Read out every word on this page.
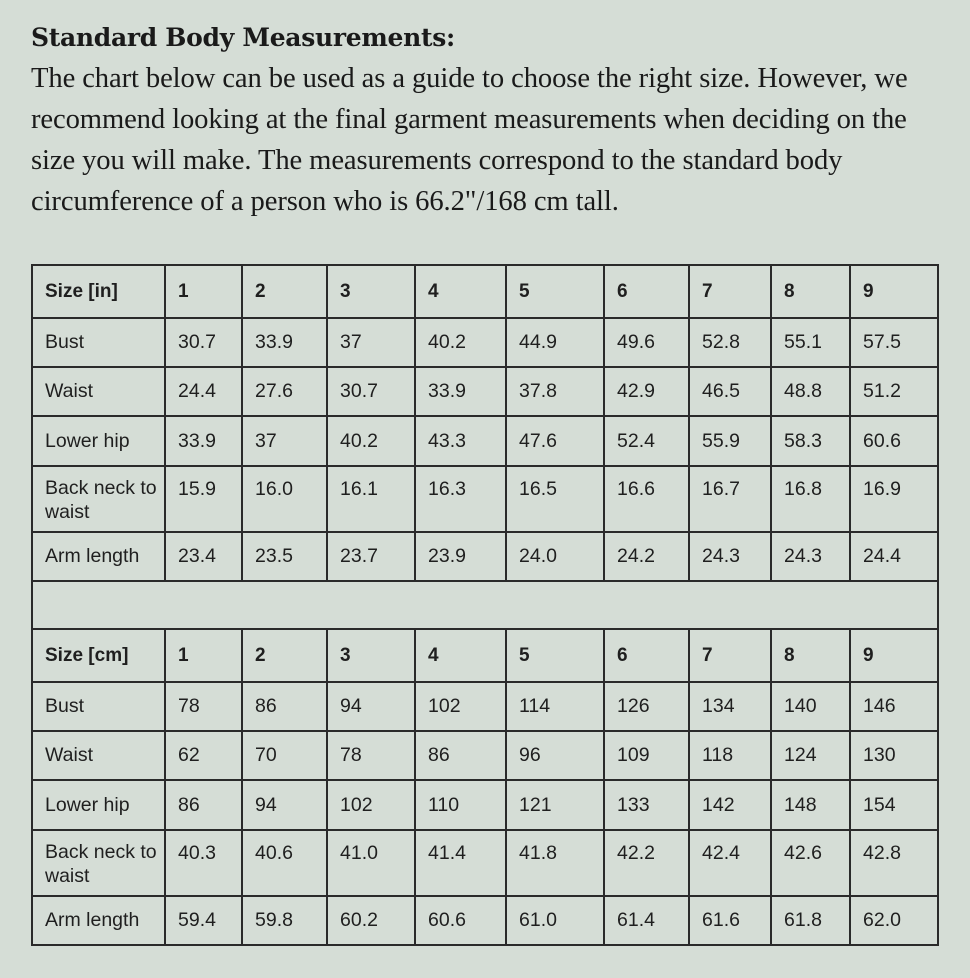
Standard Body Measurements:
The chart below can be used as a guide to choose the right size. However, we recommend looking at the final garment measurements when deciding on the size you will make. The measurements correspond to the standard body circumference of a person who is 66.2"/168 cm tall.
Size [in]	1	2	3	4	5	6	7	8	9
Bust	30.7	33.9	37	40.2	44.9	49.6	52.8	55.1	57.5
Waist	24.4	27.6	30.7	33.9	37.8	42.9	46.5	48.8	51.2
Lower hip	33.9	37	40.2	43.3	47.6	52.4	55.9	58.3	60.6
Back neck to waist	15.9	16.0	16.1	16.3	16.5	16.6	16.7	16.8	16.9
Arm length	23.4	23.5	23.7	23.9	24.0	24.2	24.3	24.3	24.4

Size [cm]	1	2	3	4	5	6	7	8	9
Bust	78	86	94	102	114	126	134	140	146
Waist	62	70	78	86	96	109	118	124	130
Lower hip	86	94	102	110	121	133	142	148	154
Back neck to waist	40.3	40.6	41.0	41.4	41.8	42.2	42.4	42.6	42.8
Arm length	59.4	59.8	60.2	60.6	61.0	61.4	61.6	61.8	62.0
